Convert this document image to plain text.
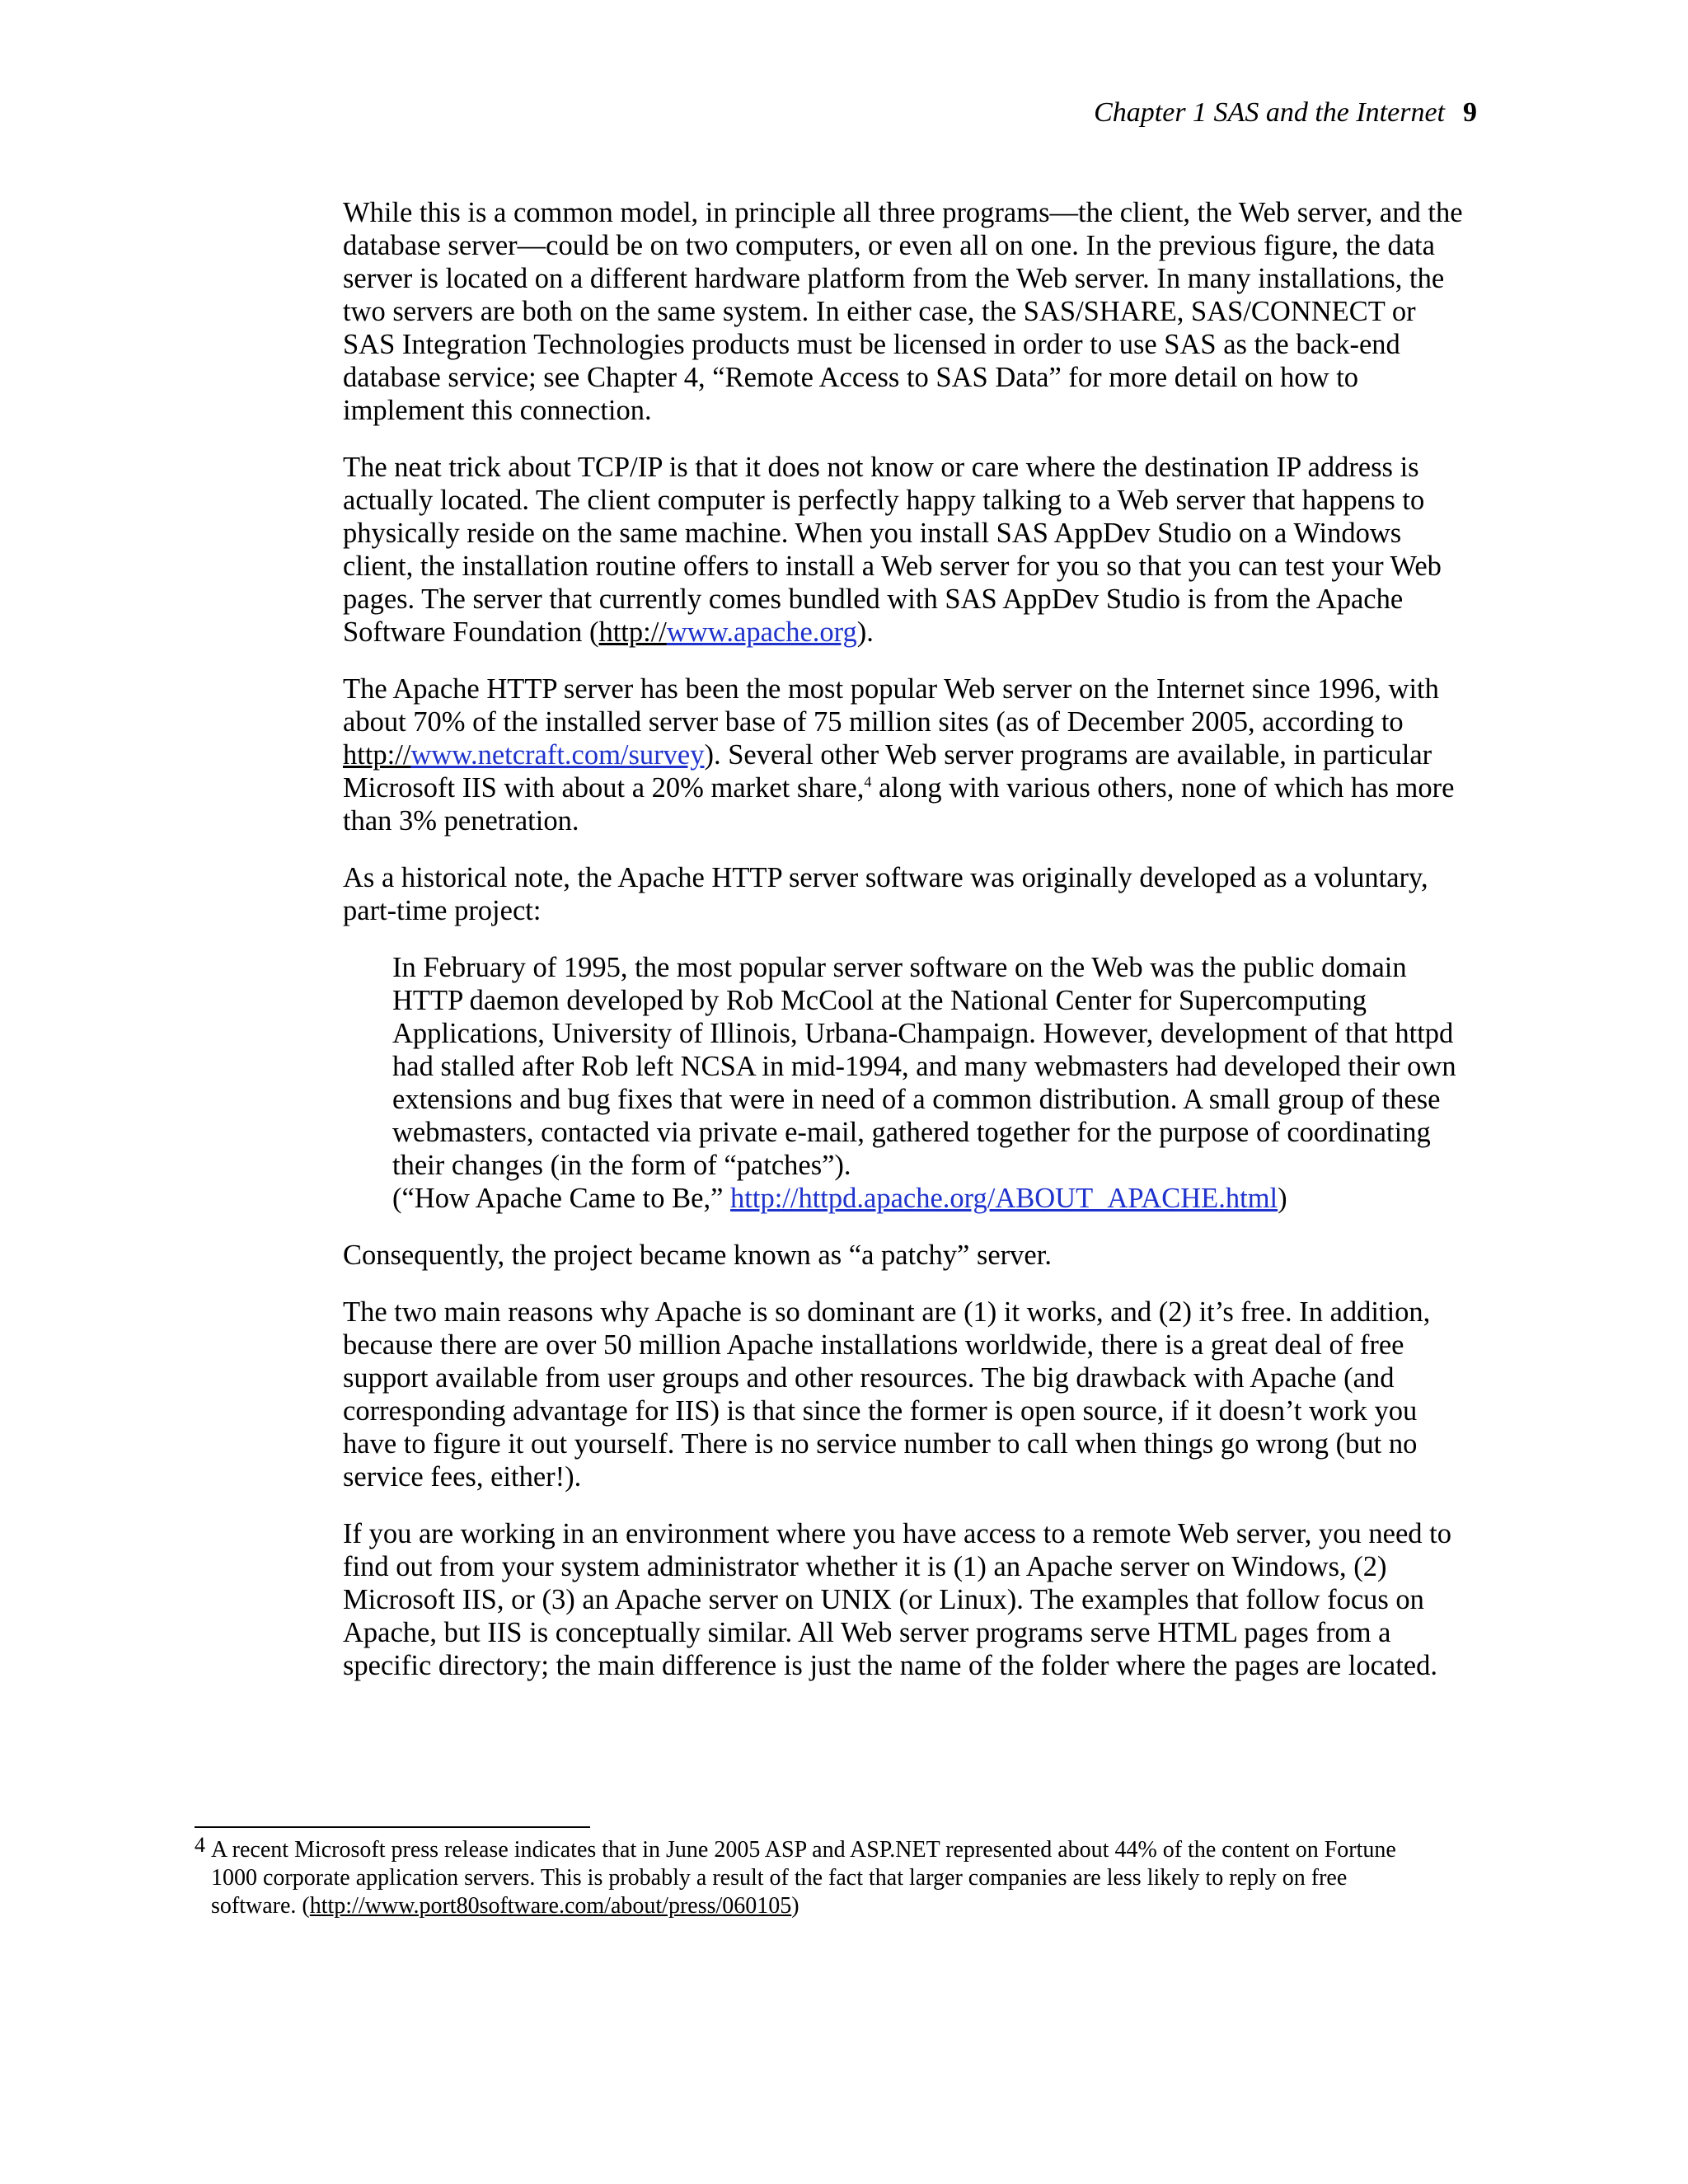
Chapter 1 SAS and the Internet 9

While this is a common model, in principle all three programs—the client, the Web server, and the database server—could be on two computers, or even all on one. In the previous figure, the data server is located on a different hardware platform from the Web server. In many installations, the two servers are both on the same system. In either case, the SAS/SHARE, SAS/CONNECT or SAS Integration Technologies products must be licensed in order to use SAS as the back-end database service; see Chapter 4, “Remote Access to SAS Data” for more detail on how to implement this connection.

The neat trick about TCP/IP is that it does not know or care where the destination IP address is actually located. The client computer is perfectly happy talking to a Web server that happens to physically reside on the same machine. When you install SAS AppDev Studio on a Windows client, the installation routine offers to install a Web server for you so that you can test your Web pages. The server that currently comes bundled with SAS AppDev Studio is from the Apache Software Foundation (http://www.apache.org).

The Apache HTTP server has been the most popular Web server on the Internet since 1996, with about 70% of the installed server base of 75 million sites (as of December 2005, according to http://www.netcraft.com/survey). Several other Web server programs are available, in particular Microsoft IIS with about a 20% market share,$^4$ along with various others, none of which has more than 3% penetration.

As a historical note, the Apache HTTP server software was originally developed as a voluntary, part-time project:

In February of 1995, the most popular server software on the Web was the public domain HTTP daemon developed by Rob McCool at the National Center for Supercomputing Applications, University of Illinois, Urbana-Champaign. However, development of that httpd had stalled after Rob left NCSA in mid-1994, and many webmasters had developed their own extensions and bug fixes that were in need of a common distribution. A small group of these webmasters, contacted via private e-mail, gathered together for the purpose of coordinating their changes (in the form of “patches”).

(“How Apache Came to Be,” http://httpd.apache.org/ABOUT_APACHE.html)

Consequently, the project became known as “a patchy” server.

The two main reasons why Apache is so dominant are (1) it works, and (2) it’s free. In addition, because there are over 50 million Apache installations worldwide, there is a great deal of free support available from user groups and other resources. The big drawback with Apache (and corresponding advantage for IIS) is that since the former is open source, if it doesn’t work you have to figure it out yourself. There is no service number to call when things go wrong (but no service fees, either!).

If you are working in an environment where you have access to a remote Web server, you need to find out from your system administrator whether it is (1) an Apache server on Windows, (2) Microsoft IIS, or (3) an Apache server on UNIX (or Linux). The examples that follow focus on Apache, but IIS is conceptually similar. All Web server programs serve HTML pages from a specific directory; the main difference is just the name of the folder where the pages are located.

4 A recent Microsoft press release indicates that in June 2005 ASP and ASP.NET represented about 44% of the content on Fortune 1000 corporate application servers. This is probably a result of the fact that larger companies are less likely to reply on free software. (http://www.port80software.com/about/press/060105)
